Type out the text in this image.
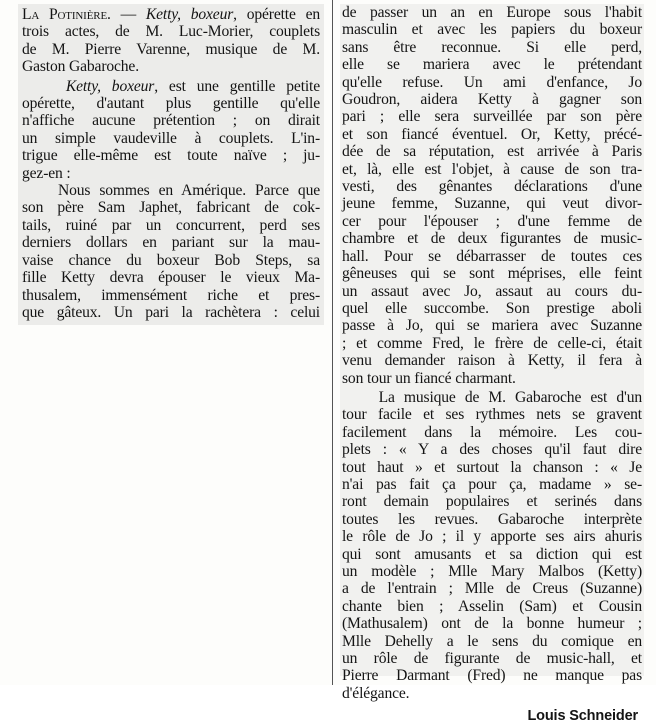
La Potinière. — Ketty, boxeur, opérette en
trois actes, de M. Luc-Morier, couplets
de M. Pierre Varenne, musique de M.
Gaston Gabaroche.

Ketty, boxeur, est une gentille petite
opérette, d'autant plus gentille qu'elle
n'affiche aucune prétention ; on dirait
un simple vaudeville à couplets. L'in-
trigue elle-même est toute naïve ; ju-
gez-en :

Nous sommes en Amérique. Parce que
son père Sam Japhet, fabricant de cok-
tails, ruiné par un concurrent, perd ses
derniers dollars en pariant sur la mau-
vaise chance du boxeur Bob Steps, sa
fille Ketty devra épouser le vieux Ma-
thusalem, immensément riche et pres-
que gâteux. Un pari la rachètera : celui

de passer un an en Europe sous l'habit
masculin et avec les papiers du boxeur
sans être reconnue. Si elle perd,
elle se mariera avec le prétendant
qu'elle refuse. Un ami d'enfance, Jo
Goudron, aidera Ketty à gagner son
pari ; elle sera surveillée par son père
et son fiancé éventuel. Or, Ketty, précé-
dée de sa réputation, est arrivée à Paris
et, là, elle est l'objet, à cause de son tra-
vesti, des gênantes déclarations d'une
jeune femme, Suzanne, qui veut divor-
cer pour l'épouser ; d'une femme de
chambre et de deux figurantes de music-
hall. Pour se débarrasser de toutes ces
gêneuses qui se sont méprises, elle feint
un assaut avec Jo, assaut au cours du-
quel elle succombe. Son prestige aboli
passe à Jo, qui se mariera avec Suzanne
; et comme Fred, le frère de celle-ci, était
venu demander raison à Ketty, il fera à
son tour un fiancé charmant.

La musique de M. Gabaroche est d'un
tour facile et ses rythmes nets se gravent
facilement dans la mémoire. Les cou-
plets : « Y a des choses qu'il faut dire
tout haut » et surtout la chanson : « Je
n'ai pas fait ça pour ça, madame » se-
ront demain populaires et serinés dans
toutes les revues. Gabaroche interprète
le rôle de Jo ; il y apporte ses airs ahuris
qui sont amusants et sa diction qui est
un modèle ; Mlle Mary Malbos (Ketty)
a de l'entrain ; Mlle de Creus (Suzanne)
chante bien ; Asselin (Sam) et Cousin
(Mathusalem) ont de la bonne humeur ;
Mlle Dehelly a le sens du comique en
un rôle de figurante de music-hall, et
Pierre Darmant (Fred) ne manque pas
d'élégance.

Louis Schneider
